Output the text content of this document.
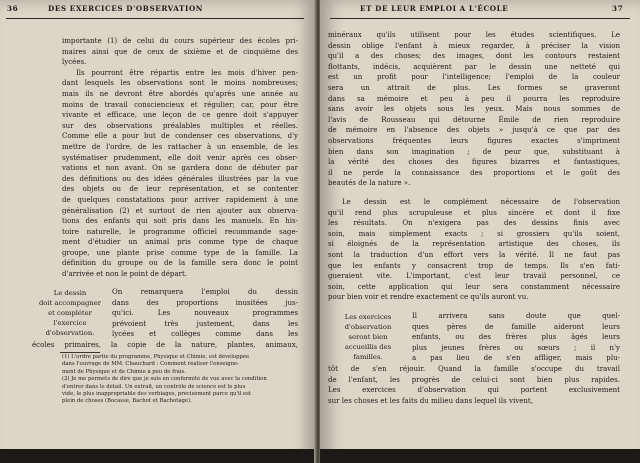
36	DES EXERCICES D'OBSERVATION
importante (1) de celui du cours supérieur des écoles pri-
maires ainsi que de ceux de sixième et de cinquième des
lycées.
Ils pourront être répartis entre les mois d'hiver pen-
dant lesquels les observations sont le moins nombreuses;
mais ils ne devront être abordés qu'après une année au
moins de travail consciencieux et régulier; car, pour être
vivante et efficace, une leçon de ce genre doit s'appuyer
sur des observations préalables multiples et réelles.
Comme elle a pour but de condenser ces observations, d'y
mettre de l'ordre, de les rattacher à un ensemble, de les
systématiser prudemment, elle doit venir après ces obser-
vations et non avant. On se gardera donc de débuter par
des définitions ou des idées générales illustrées par la vue
des objets ou de leur représentation, et se contenter
de quelques constatations pour arriver rapidement à une
généralisation (2) et surtout de rien ajouter aux observa-
tions des enfants qui soit pris dans les manuels. En his-
toire naturelle, le programme officiel recommande sage-
ment d'étudier un animal pris comme type de chaque
groupe, une plante prise comme type de la famille. La
définition du groupe ou de la famille sera donc le point
d'arrivée et non le point de départ.
Le dessin
doit accompagner
et compléter
l'exercice
d'observation.
On remarquera l'emploi du dessin
dans des proportions inusitées jus-
qu'ici. Les nouveaux programmes
prévoient très justement, dans les
lycées et collèges comme dans les
écoles primaires, la copie de la nature, plantes, animaux,
(1) L'ordre partie du programme, Physique et Chimie, est développée
dans l'ouvrage de MM. Chauchard : Comment réaliser l'enseigne-
ment de Physique et de Chimie à peu de frais.
(2) Je me permets de dire que je suis en conformité de vue avec la condition
d'entrer dans le détail. Un extrait, un contrôle de science est le plus
vide, le plus inappropriable des verbiages, précisément parce qu'il est
plein de choses (Bocasse, Bachot et Bachotage).
ET DE LEUR EMPLOI A L'ÉCOLE	37
minéraux qu'ils utilisent pour les études scientifiques. Le
dessin oblige l'enfant à mieux regarder, à préciser la vision
qu'il a des choses; des images, dont les contours restaient
flottants, indécis, acquièrent par le dessin une netteté qui
est un profit pour l'intelligence; l'emploi de la couleur
sera un attrait de plus. Les formes se graveront
dans sa mémoire et peu à peu il pourra les reproduire
sans avoir les objets sous les yeux. Mais nous sommes de
l'avis de Rousseau qui détourne Émile de rien reproduire
de mémoire en l'absence des objets » jusqu'à ce que par des
observations fréquentes leurs figures exactes s'impriment
bien dans son imagination ; de peur que, substituant à
la vérité des choses des figures bizarres et fantastiques,
il ne perde la connaissance des proportions et le goût des
beautés de la nature ».
Le dessin est le complément nécessaire de l'observation
qu'il rend plus scrupuleuse et plus sincère et dont il fixe
les résultats. On n'exigera pas des dessins finis avec
soin, mais simplement exacts ; si grossiers qu'ils soient,
si éloignés de la représentation artistique des choses, ils
sont la traduction d'un effort vers la vérité. Il ne faut pas
que les enfants y consacrent trop de temps. Ils s'en fati-
gueraient vite. L'important, c'est leur travail personnel, ce
soin, cette application qui leur sera constamment nécessaire
pour bien voir et rendre exactement ce qu'ils auront vu.
Les exercices
d'observation
seront bien
accueillis des
familles.
Il arrivera sans doute que quel-
ques pères de famille aideront leurs
enfants, ou des frères plus âgés leurs
plus jeunes frères ou sœurs ; il n'y
a pas lieu de s'en affliger, mais plu-
tôt de s'en réjouir. Quand la famille s'occupe du travail
de l'enfant, les progrès de celui-ci sont bien plus rapides.
Les exercices d'observation qui portent exclusivement
sur les choses et les faits du milieu dans lequel ils vivent,
